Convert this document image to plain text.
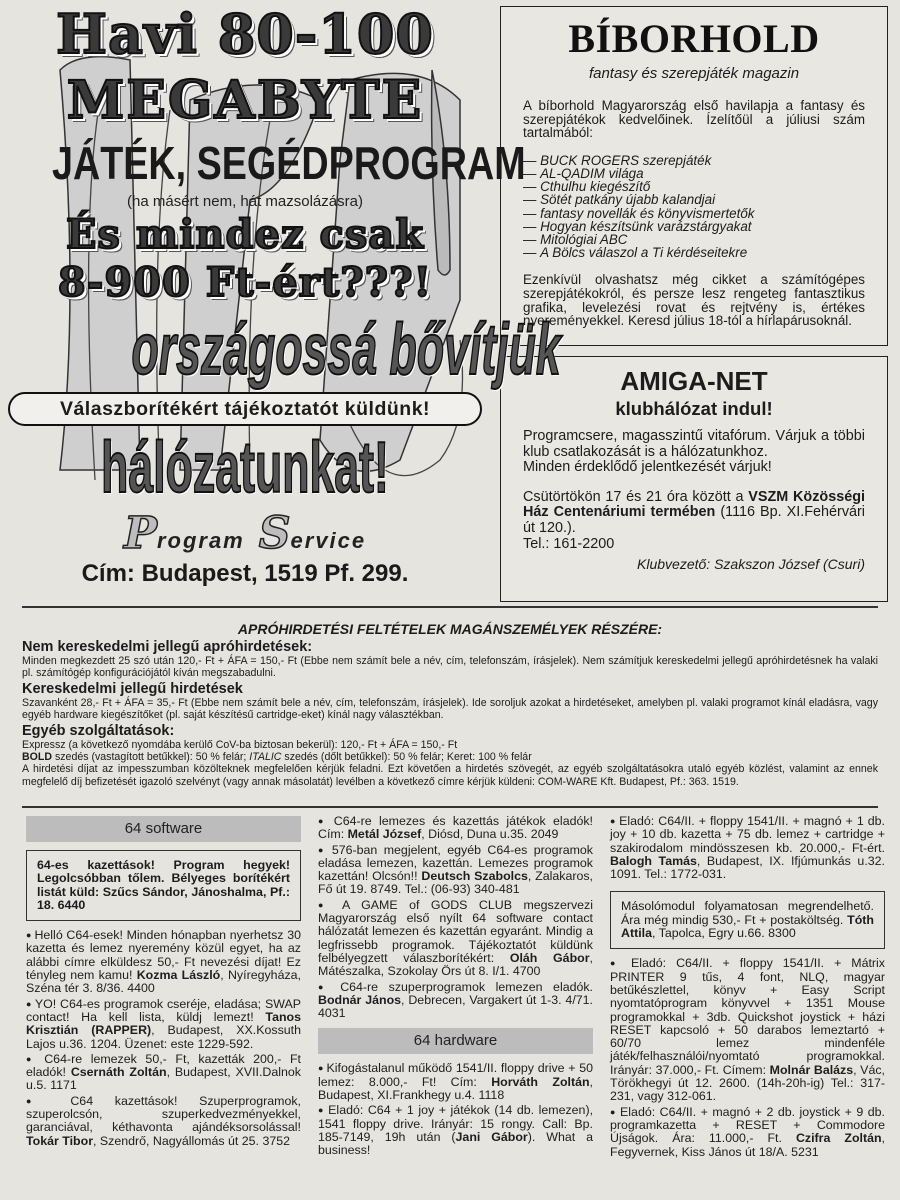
Havi 80-100
MEGABYTE
JÁTÉK, SEGÉDPROGRAM
(ha másért nem, hát mazsolázásra)
És mindez csak
8-900 Ft-ért???!
országossá bővítjük
Válaszborítékért tájékoztatót küldünk!
hálózatunkat!
Program Service
Cím: Budapest, 1519 Pf. 299.
BÍBORHOLD
fantasy és szerepjáték magazin

A bíborhold Magyarország első havilapja a fantasy és szerepjátékok kedvelőinek. Ízelítőül a júliusi szám tartalmából:

— BUCK ROGERS szerepjáték
— AL-QADIM világa
— Cthulhu kiegészítő
— Sötét patkány újabb kalandjai
— fantasy novellák és könyvismertetők
— Hogyan készítsünk varázstárgyakat
— Mitológiai ABC
— A Bölcs válaszol a Ti kérdéseitekre

Ezenkívül olvashatsz még cikket a számítógépes szerepjátékokról, és persze lesz rengeteg fantasztikus grafika, levelezési rovat és rejtvény is, értékes nyereményekkel. Keresd július 18-tól a hírlapárusoknál.

AMIGA-NET
klubhálózat indul!

Programcsere, magasszintű vitafórum. Várjuk a többi klub csatlakozását is a hálózatunkhoz.
Minden érdeklődő jelentkezését várjuk!

Csütörtökön 17 és 21 óra között a VSZM Közösségi Ház Centenáriumi termében (1116 Bp. XI.Fehérvári út 120.).
Tel.: 161-2200

Klubvezető: Szakszon József (Csuri)
APRÓHIRDETÉSI FELTÉTELEK MAGÁNSZEMÉLYEK RÉSZÉRE:
Nem kereskedelmi jellegű apróhirdetések:

Minden megkezdett 25 szó után 120,- Ft + ÁFA = 150,- Ft (Ebbe nem számít bele a név, cím, telefonszám, írásjelek). Nem számítjuk kereskedelmi jellegű apróhirdetésnek ha valaki pl. számítógép konfigurációjától kíván megszabadulni.

Kereskedelmi jellegű hirdetések

Szavanként 28,- Ft + ÁFA = 35,- Ft (Ebbe nem számít bele a név, cím, telefonszám, írásjelek). Ide soroljuk azokat a hirdetéseket, amelyben pl. valaki programot kínál eladásra, vagy egyéb hardware kiegészítőket (pl. saját készítésű cartridge-eket) kínál nagy választékban.

Egyéb szolgáltatások:

Expressz (a következő nyomdába kerülő CoV-ba biztosan bekerül): 120,- Ft + ÁFA = 150,- Ft

BOLD szedés (vastagított betűkkel): 50 % felár; ITALIC szedés (dőlt betűkkel): 50 % felár; Keret: 100 % felár

A hirdetési díjat az impesszumban közölteknek megfelelően kérjük feladni. Ezt követően a hirdetés szövegét, az egyéb szolgáltatásokra utaló egyéb közlést, valamint az ennek megfelelő díj befizetését igazoló szelvényt (vagy annak másolatát) levélben a következő címre kérjük küldeni: COM-WARE Kft. Budapest, Pf.: 363. 1519.

64 software
64-es kazettások! Program hegyek! Legolcsóbban tőlem. Bélyeges borítékért listát küld: Szűcs Sándor, Jánoshalma, Pf.: 18. 6440

● Helló C64-esek! Minden hónapban nyerhetsz 30 kazetta és lemez nyeremény közül egyet, ha az alábbi címre elküldesz 50,- Ft nevezési díjat! Ez tényleg nem kamu! Kozma László, Nyíregyháza, Széna tér 3. 8/36. 4400

● YO! C64-es programok cseréje, eladása; SWAP contact! Ha kell lista, küldj lemezt! Tanos Krisztián (RAPPER), Budapest, XX.Kossuth Lajos u.36. 1204. Üzenet: este 1229-592.

● C64-re lemezek 50,- Ft, kazetták 200,- Ft eladók! Csernáth Zoltán, Budapest, XVII.Dalnok u.5. 1171

● C64 kazettások! Szuperprogramok, szuperolcsón, szuperkedvezményekkel, garanciával, kéthavonta ajándéksorsolással! Tokár Tibor, Szendrő, Nagyállomás út 25. 3752

● C64-re lemezes és kazettás játékok eladók! Cím: Metál József, Diósd, Duna u.35. 2049

● 576-ban megjelent, egyéb C64-es programok eladása lemezen, kazettán. Lemezes programok kazettán! Olcsón!! Deutsch Szabolcs, Zalakaros, Fő út 19. 8749. Tel.: (06-93) 340-481

● A GAME of GODS CLUB megszervezi Magyarország első nyílt 64 software contact hálózatát lemezen és kazettán egyaránt. Mindig a legfrissebb programok. Tájékoztatót küldünk felbélyegzett válaszborítékért: Oláh Gábor, Mátészalka, Szokolay Örs út 8. I/1. 4700

● C64-re szuperprogramok lemezen eladók. Bodnár János, Debrecen, Vargakert út 1-3. 4/71. 4031

64 hardware

● Kifogástalanul működő 1541/II. floppy drive + 50 lemez: 8.000,- Ft! Cím: Horváth Zoltán, Budapest, XI.Frankhegy u.4. 1118

● Eladó: C64 + 1 joy + játékok (14 db. lemezen), 1541 floppy drive. Irányár: 15 rongy. Call: Bp. 185-7149, 19h után (Jani Gábor). What a business!

● Eladó: C64/II. + floppy 1541/II. + magnó + 1 db. joy + 10 db. kazetta + 75 db. lemez + cartridge + szakirodalom mindösszesen kb. 20.000,- Ft-ért. Balogh Tamás, Budapest, IX. Ifjúmunkás u.32. 1091. Tel.: 1772-031.

Másolómodul folyamatosan megrendelhető. Ára még mindig 530,- Ft + postaköltség. Tóth Attila, Tapolca, Egry u.66. 8300

● Eladó: C64/II. + floppy 1541/II. + Mátrix PRINTER 9 tűs, 4 font, NLQ, magyar betűkészlettel, könyv + Easy Script nyomtatóprogram könyvvel + 1351 Mouse programokkal + 3db. Quickshot joystick + házi RESET kapcsoló + 50 darabos lemeztartó + 60/70 lemez mindenféle játék/felhasználói/nyomtató programokkal. Irányár: 37.000,- Ft. Címem: Molnár Balázs, Vác, Törökhegyi út 12. 2600. (14h-20h-ig) Tel.: 317-231, vagy 312-061.

● Eladó: C64/II. + magnó + 2 db. joystick + 9 db. programkazetta + RESET + Commodore Újságok. Ára: 11.000,- Ft. Czifra Zoltán, Fegyvernek, Kiss János út 18/A. 5231
